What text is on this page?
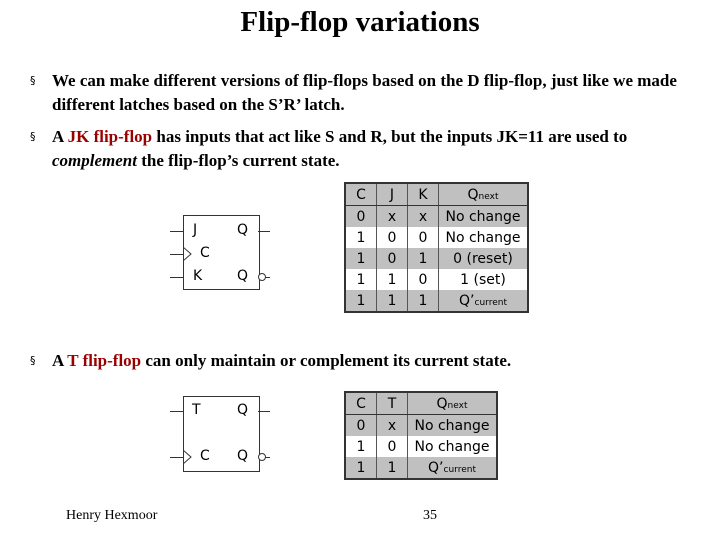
Flip-flop variations
§ We can make different versions of flip-flops based on the D flip-flop, just like we made different latches based on the S’R’ latch.
§ A JK flip-flop has inputs that act like S and R, but the inputs JK=11 are used to complement the flip-flop’s current state.
J
C
K
Q
Q
C	J	K	Qnext
0	x	x	No change
1	0	0	No change
1	0	1	0 (reset)
1	1	0	1 (set)
1	1	1	Q’current
§ A T flip-flop can only maintain or complement its current state.
T
C
Q
Q
C	T	Qnext
0	x	No change
1	0	No change
1	1	Q’current
Henry Hexmoor	35
